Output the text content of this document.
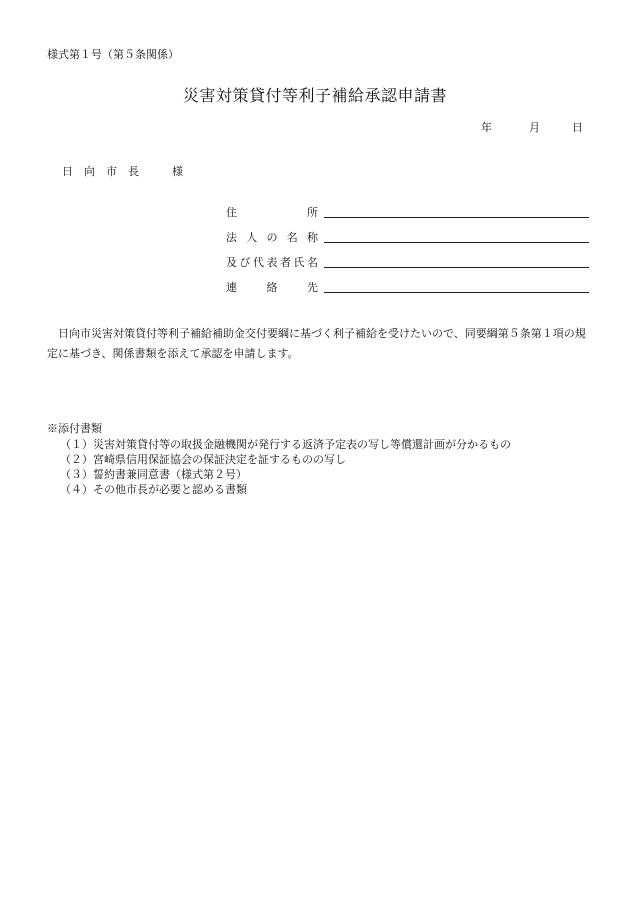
様式第１号（第５条関係）
災害対策貸付等利子補給承認申請書
年	月	日
日向市長　様
住所
法人の名称
及び代表者氏名
連絡先
日向市災害対策貸付等利子補給補助金交付要綱に基づく利子補給を受けたいので、同要綱第５条第１項の規定に基づき、関係書類を添えて承認を申請します。
※添付書類
（１）災害対策貸付等の取扱金融機関が発行する返済予定表の写し等償還計画が分かるもの
（２）宮崎県信用保証協会の保証決定を証するものの写し
（３）誓約書兼同意書（様式第２号）
（４）その他市長が必要と認める書類
